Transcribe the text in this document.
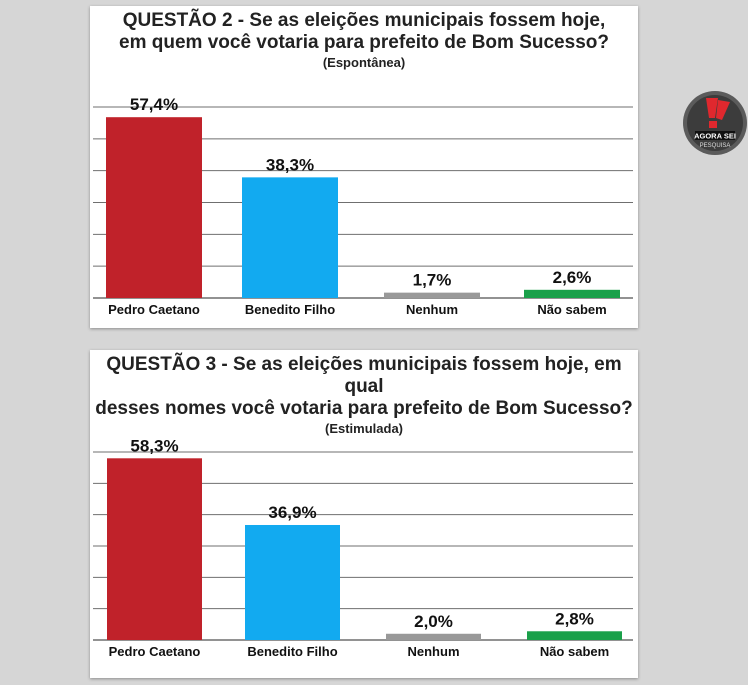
QUESTÃO 2 - Se as eleições municipais fossem hoje,
em quem você votaria para prefeito de Bom Sucesso?
(Espontânea)
57,4%
Pedro Caetano
38,3%
Benedito Filho
1,7%
Nenhum
2,6%
Não sabem
AGORA SEI
PESQUISA
QUESTÃO 3 - Se as eleições municipais fossem hoje, em qual
desses nomes você votaria para prefeito de Bom Sucesso?
(Estimulada)
58,3%
Pedro Caetano
36,9%
Benedito Filho
2,0%
Nenhum
2,8%
Não sabem
